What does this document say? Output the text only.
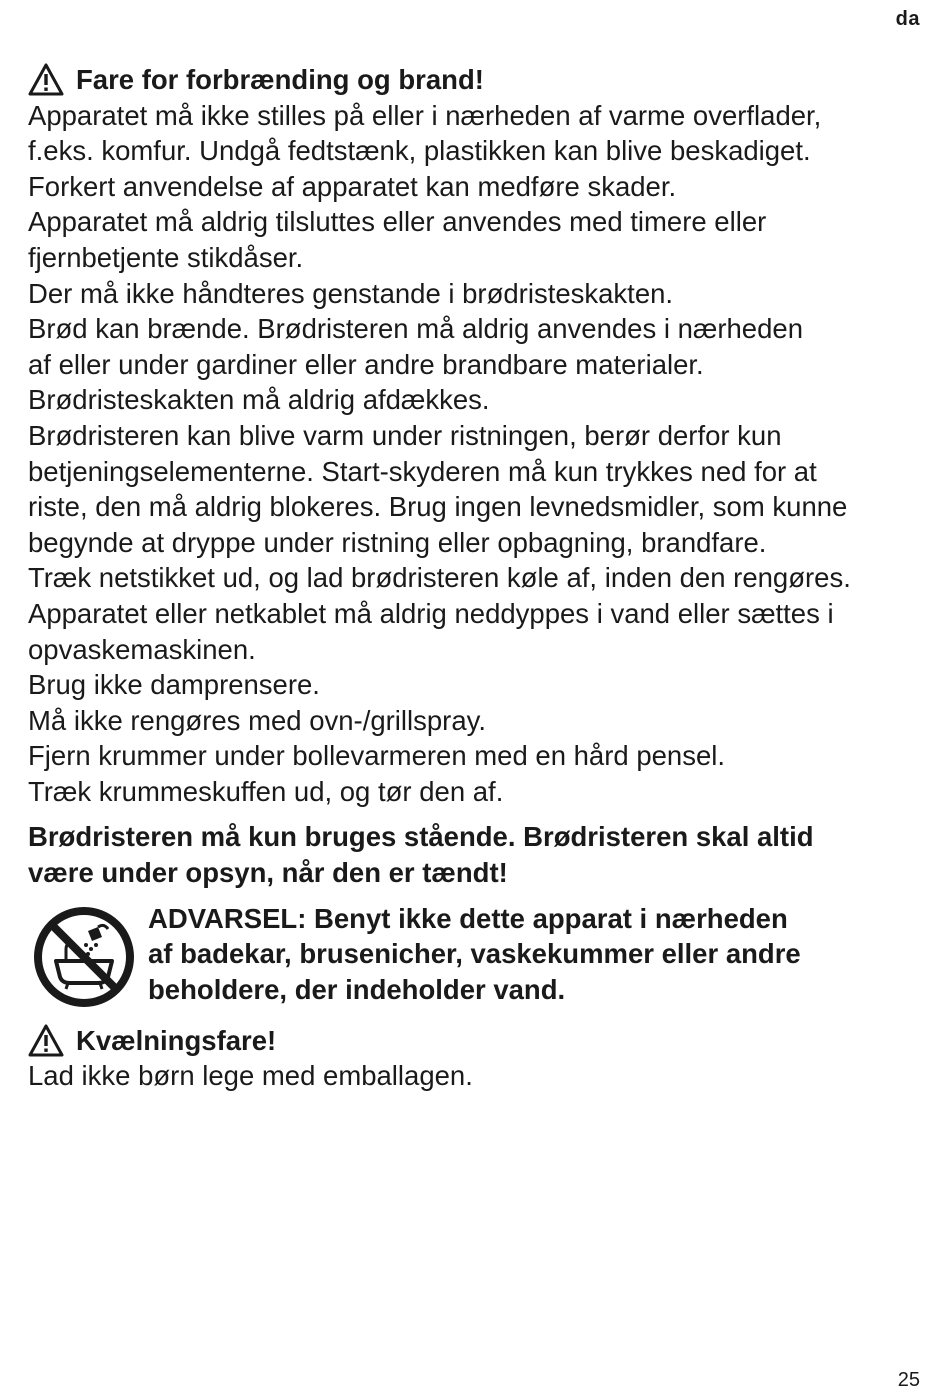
da
Fare for forbrænding og brand!
Apparatet må ikke stilles på eller i nærheden af varme overflader,
f.eks. komfur. Undgå fedtstænk, plastikken kan blive beskadiget.
Forkert anvendelse af apparatet kan medføre skader.
Apparatet må aldrig tilsluttes eller anvendes med timere eller
fjernbetjente stikdåser.
Der må ikke håndteres genstande i brødristeskakten.
Brød kan brænde. Brødristeren må aldrig anvendes i nærheden
af eller under gardiner eller andre brandbare materialer.
Brødristeskakten må aldrig afdækkes.
Brødristeren kan blive varm under ristningen, berør derfor kun
betjeningselementerne. Start-skyderen må kun trykkes ned for at
riste, den må aldrig blokeres. Brug ingen levnedsmidler, som kunne
begynde at dryppe under ristning eller opbagning, brandfare.
Træk netstikket ud, og lad brødristeren køle af, inden den rengøres.
Apparatet eller netkablet må aldrig neddyppes i vand eller sættes i
opvaskemaskinen.
Brug ikke damprensere.
Må ikke rengøres med ovn-/grillspray.
Fjern krummer under bollevarmeren med en hård pensel.
Træk krummeskuffen ud, og tør den af.
Brødristeren må kun bruges stående. Brødristeren skal altid
være under opsyn, når den er tændt!
ADVARSEL: Benyt ikke dette apparat i nærheden
af badekar, brusenicher, vaskekummer eller andre
beholdere, der indeholder vand.
Kvælningsfare!
Lad ikke børn lege med emballagen.
25
